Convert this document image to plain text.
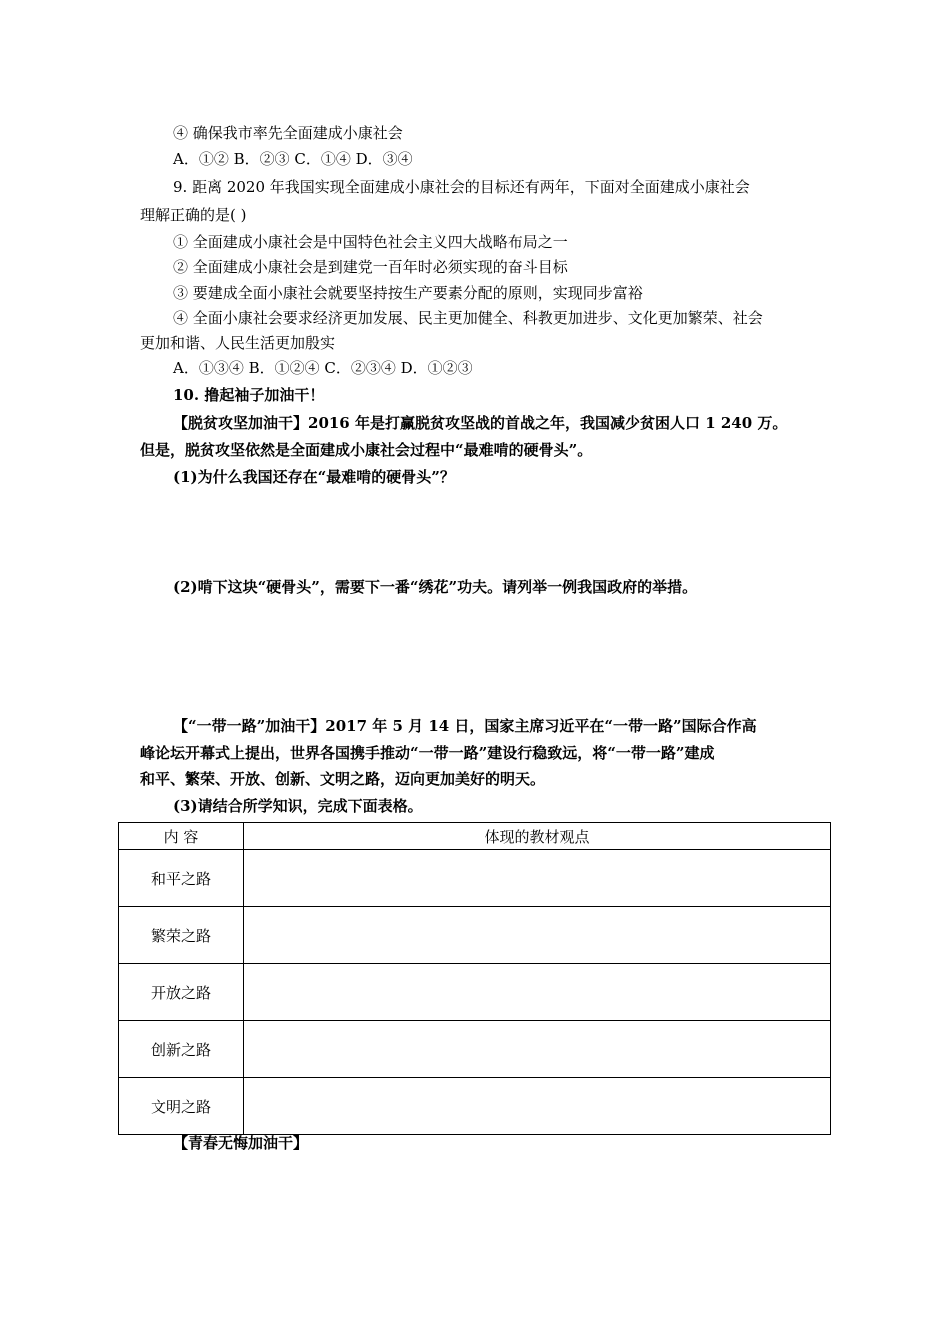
④ 确保我市率先全面建成小康社会
A．①② B．②③ C．①④ D．③④
9. 距离 2020 年我国实现全面建成小康社会的目标还有两年，下面对全面建成小康社会
理解正确的是( )
① 全面建成小康社会是中国特色社会主义四大战略布局之一
② 全面建成小康社会是到建党一百年时必须实现的奋斗目标
③ 要建成全面小康社会就要坚持按生产要素分配的原则，实现同步富裕
④ 全面小康社会要求经济更加发展、民主更加健全、科教更加进步、文化更加繁荣、社会
更加和谐、人民生活更加殷实
A．①③④ B．①②④ C．②③④ D．①②③
10. 撸起袖子加油干！
【脱贫攻坚加油干】2016 年是打赢脱贫攻坚战的首战之年，我国减少贫困人口 1 240 万。
但是，脱贫攻坚依然是全面建成小康社会过程中“最难啃的硬骨头”。
(1)为什么我国还存在“最难啃的硬骨头”？
(2)啃下这块“硬骨头”，需要下一番“绣花”功夫。请列举一例我国政府的举措。
【“一带一路”加油干】2017 年 5 月 14 日，国家主席习近平在“一带一路”国际合作高
峰论坛开幕式上提出，世界各国携手推动“一带一路”建设行稳致远，将“一带一路”建成
和平、繁荣、开放、创新、文明之路，迈向更加美好的明天。
(3)请结合所学知识，完成下面表格。
内 容	体现的教材观点
和平之路	
繁荣之路	
开放之路	
创新之路	
文明之路	
【青春无悔加油干】
